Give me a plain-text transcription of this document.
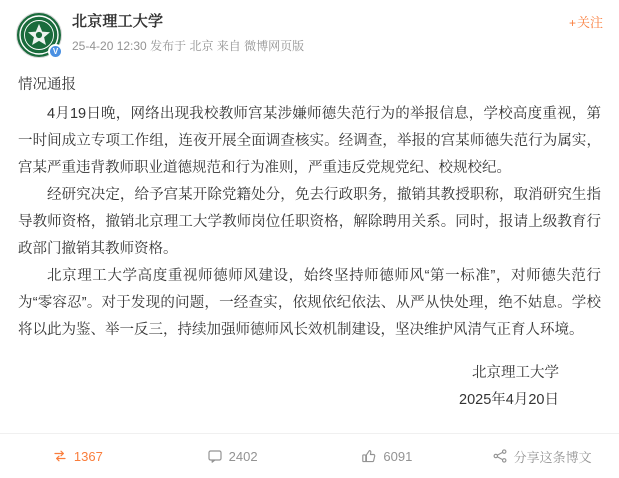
V
北京理工大学
25-4-20 12:30 发布于 北京 来自 微博网页版
+关注

情况通报

4月19日晚，网络出现我校教师宫某涉嫌师德失范行为的举报信息，学校高度重视，第一时间成立专项工作组，连夜开展全面调查核实。经调查，举报的宫某师德失范行为属实，宫某严重违背教师职业道德规范和行为准则，严重违反党规党纪、校规校纪。

经研究决定，给予宫某开除党籍处分，免去行政职务，撤销其教授职称，取消研究生指导教师资格，撤销北京理工大学教师岗位任职资格，解除聘用关系。同时，报请上级教育行政部门撤销其教师资格。

北京理工大学高度重视师德师风建设，始终坚持师德师风“第一标准”，对师德失范行为“零容忍”。对于发现的问题，一经查实，依规依纪依法、从严从快处理，绝不姑息。学校将以此为鉴、举一反三，持续加强师德师风长效机制建设，坚决维护风清气正育人环境。

北京理工大学
2025年4月20日
1367	2402	6091	分享这条博文
